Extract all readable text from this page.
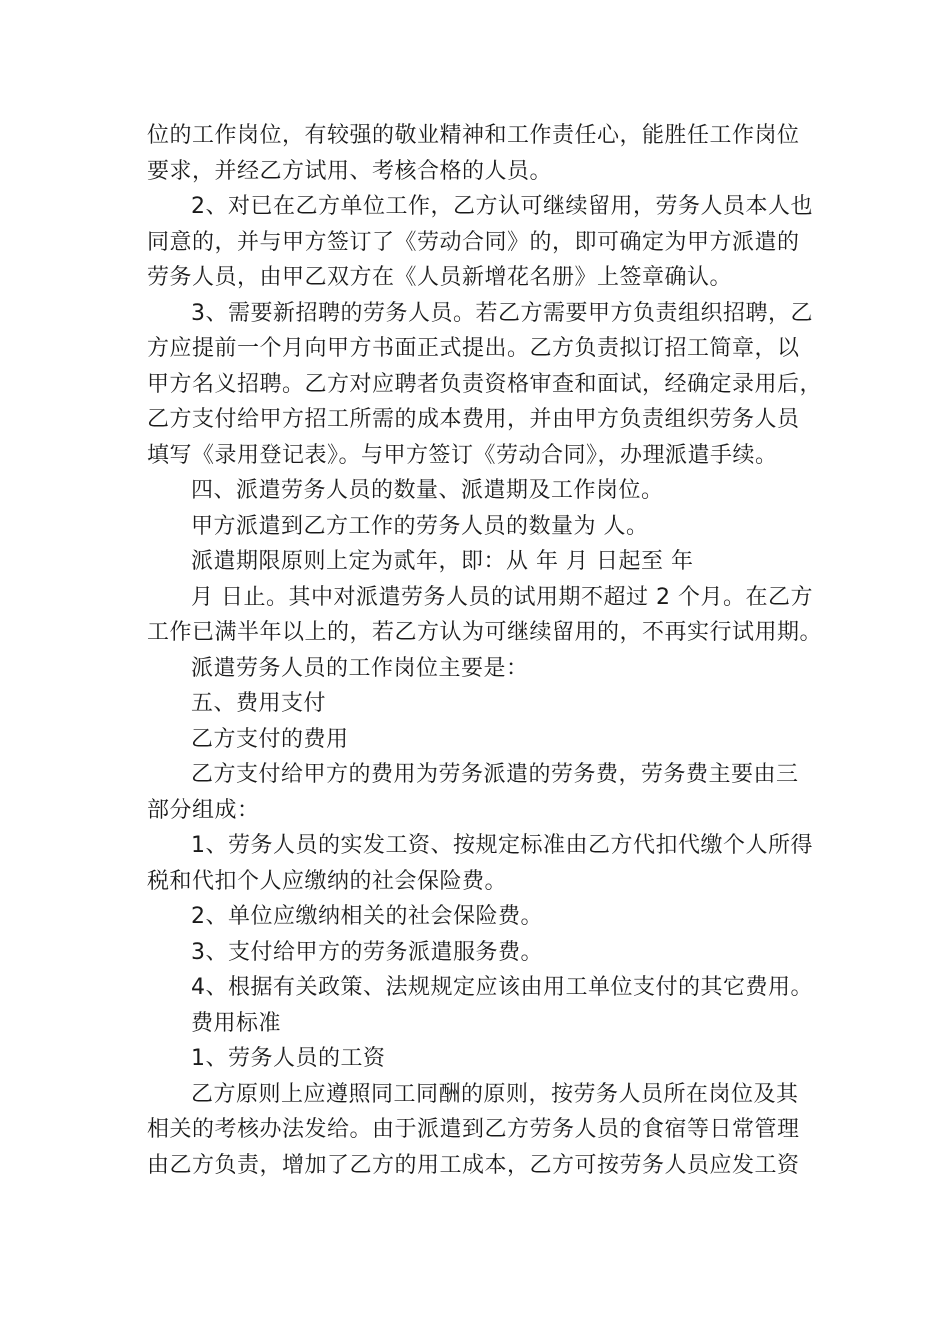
位的工作岗位，有较强的敬业精神和工作责任心，能胜任工作岗位
要求，并经乙方试用、考核合格的人员。
2、对已在乙方单位工作，乙方认可继续留用，劳务人员本人也
同意的，并与甲方签订了《劳动合同》的，即可确定为甲方派遣的
劳务人员，由甲乙双方在《人员新增花名册》上签章确认。
3、需要新招聘的劳务人员。若乙方需要甲方负责组织招聘，乙
方应提前一个月向甲方书面正式提出。乙方负责拟订招工简章，以
甲方名义招聘。乙方对应聘者负责资格审查和面试，经确定录用后，
乙方支付给甲方招工所需的成本费用，并由甲方负责组织劳务人员
填写《录用登记表》。与甲方签订《劳动合同》，办理派遣手续。
四、派遣劳务人员的数量、派遣期及工作岗位。
甲方派遣到乙方工作的劳务人员的数量为 人。
派遣期限原则上定为贰年，即：从 年 月 日起至 年
月 日止。其中对派遣劳务人员的试用期不超过 2 个月。在乙方
工作已满半年以上的，若乙方认为可继续留用的，不再实行试用期。
派遣劳务人员的工作岗位主要是：
五、费用支付
乙方支付的费用
乙方支付给甲方的费用为劳务派遣的劳务费，劳务费主要由三
部分组成：
1、劳务人员的实发工资、按规定标准由乙方代扣代缴个人所得
税和代扣个人应缴纳的社会保险费。
2、单位应缴纳相关的社会保险费。
3、支付给甲方的劳务派遣服务费。
4、根据有关政策、法规规定应该由用工单位支付的其它费用。
费用标准
1、劳务人员的工资
乙方原则上应遵照同工同酬的原则，按劳务人员所在岗位及其
相关的考核办法发给。由于派遣到乙方劳务人员的食宿等日常管理
由乙方负责，增加了乙方的用工成本，乙方可按劳务人员应发工资
